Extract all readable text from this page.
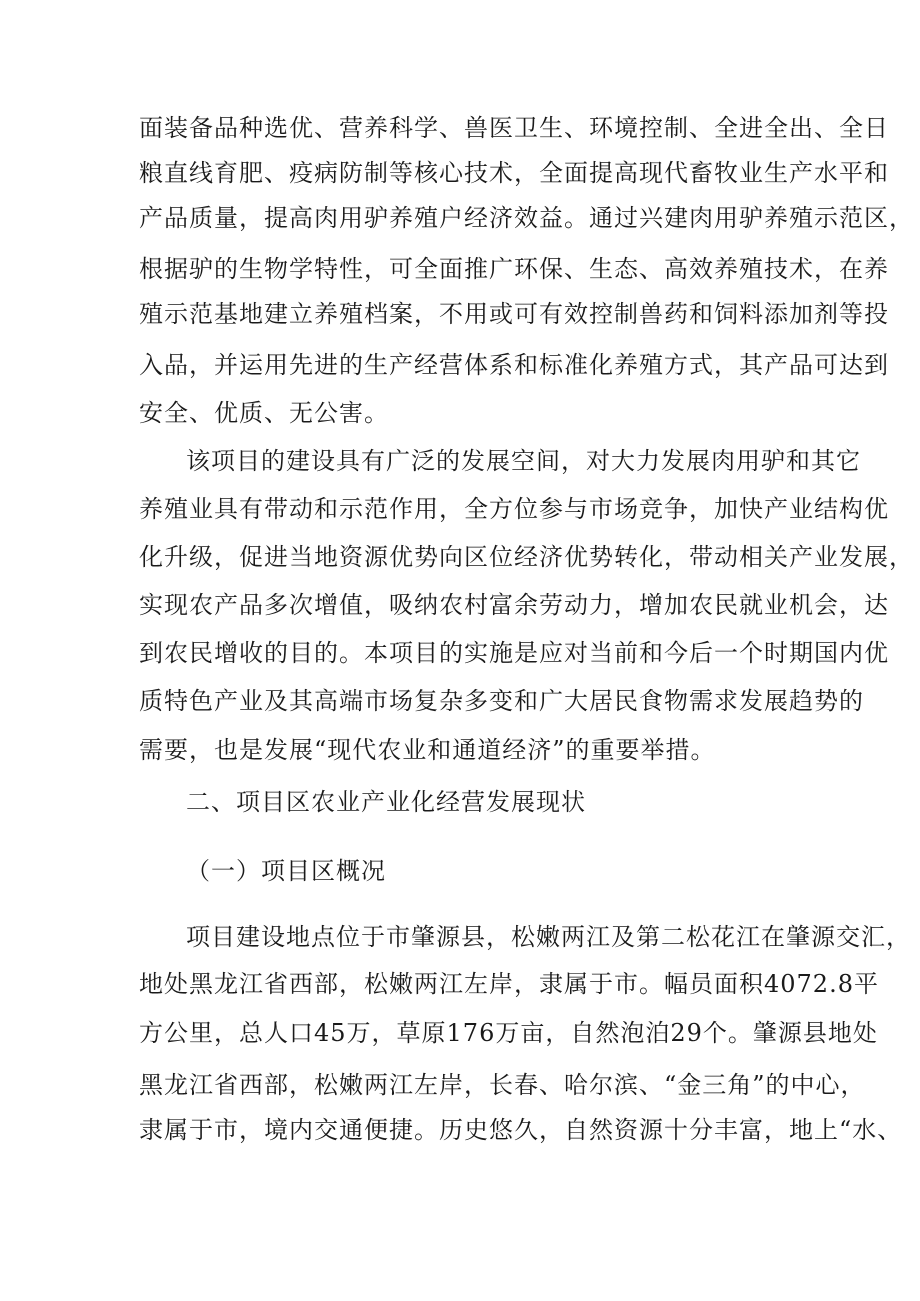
面装备品种选优、营养科学、兽医卫生、环境控制、全进全出、全日
粮直线育肥、疫病防制等核心技术，全面提高现代畜牧业生产水平和
产品质量，提高肉用驴养殖户经济效益。通过兴建肉用驴养殖示范区，
根据驴的生物学特性，可全面推广环保、生态、高效养殖技术，在养
殖示范基地建立养殖档案，不用或可有效控制兽药和饲料添加剂等投
入品，并运用先进的生产经营体系和标准化养殖方式，其产品可达到
安全、优质、无公害。
该项目的建设具有广泛的发展空间，对大力发展肉用驴和其它
养殖业具有带动和示范作用，全方位参与市场竞争，加快产业结构优
化升级，促进当地资源优势向区位经济优势转化，带动相关产业发展，
实现农产品多次增值，吸纳农村富余劳动力，增加农民就业机会，达
到农民增收的目的。本项目的实施是应对当前和今后一个时期国内优
质特色产业及其高端市场复杂多变和广大居民食物需求发展趋势的
需要，也是发展“现代农业和通道经济”的重要举措。
二、项目区农业产业化经营发展现状
（一）项目区概况
项目建设地点位于市肇源县，松嫩两江及第二松花江在肇源交汇，
地处黑龙江省西部，松嫩两江左岸，隶属于市。幅员面积4072.8平
方公里，总人口45万，草原176万亩，自然泡泊29个。肇源县地处
黑龙江省西部，松嫩两江左岸，长春、哈尔滨、“金三角”的中心，
隶属于市，境内交通便捷。历史悠久，自然资源十分丰富，地上“水、
